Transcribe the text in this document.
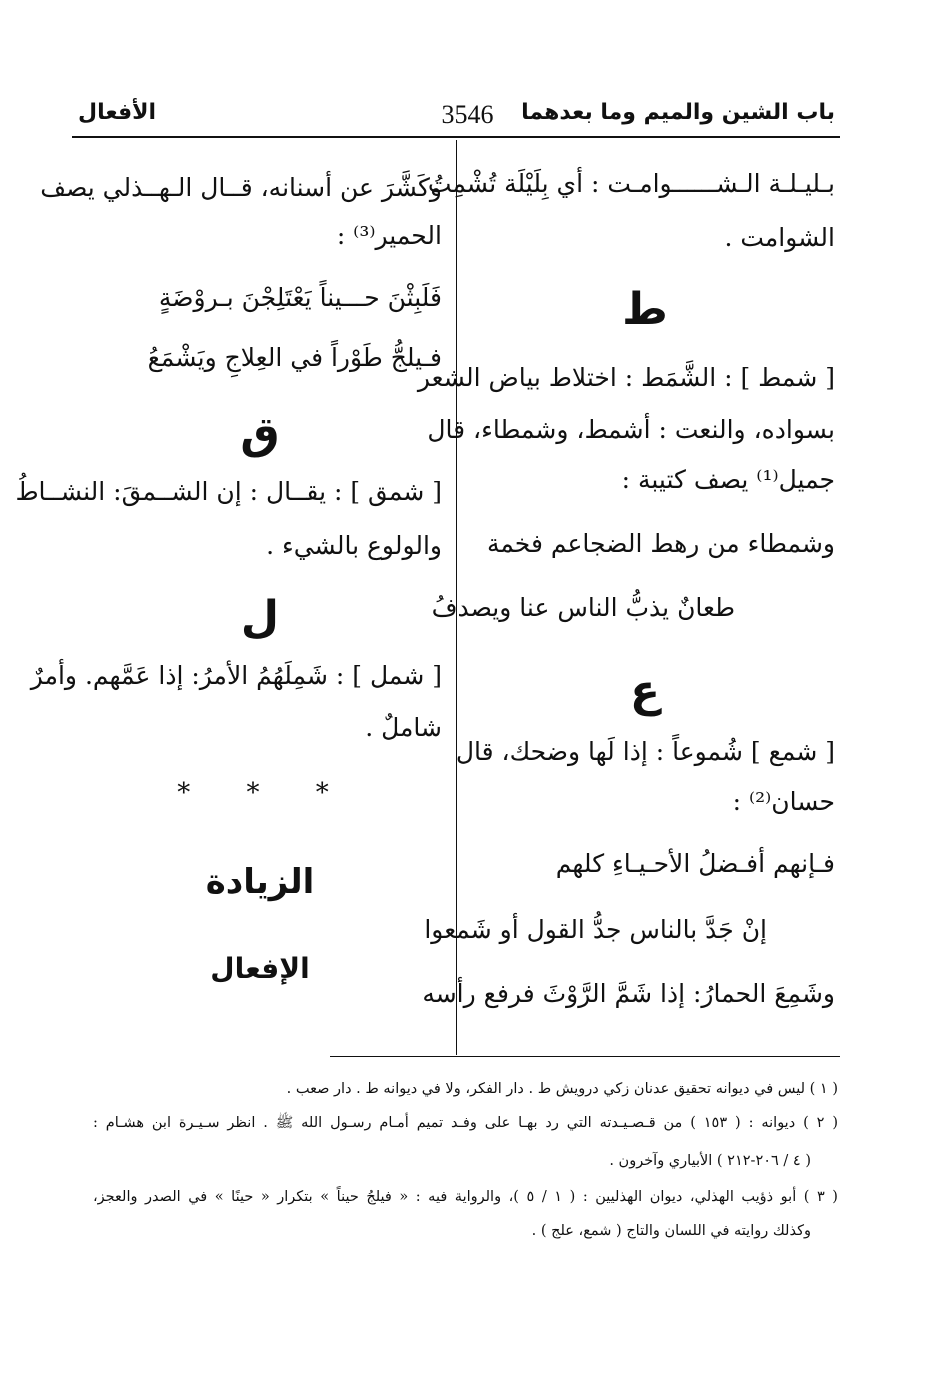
باب الشين والميم وما بعدهما
3546
الأفعال
بـليـلـة الـشــــــوامـت : أي بِلَيْلَة تُشْمِتُ
الشوامت .
ط
[ شمط ] : الشَّمَط : اختلاط بياض الشعر
بسواده، والنعت : أشمط، وشمطاء، قال
جميل⁽¹⁾ يصف كتيبة :
وشمطاء من رهط الضجاعم فخمة
طعانٌ يذبُّ الناس عنا ويصدفُ
ع
[ شمع ] شُموعاً : إذا لَها وضحك، قال
حسان⁽²⁾ :
فـإنهم أفـضلُ الأحـيـاءِ كلهم
إنْ جَدَّ بالناس جدُّ القول أو شَمعوا
وشَمِعَ الحمارُ: إذا شَمَّ الرَّوْثَ فرفع رأسه
وكَشَّرَ عن أسنانه، قــال الـهــذلي يصف
الحمير⁽³⁾ :
فَلَبِثْنَ حـــيناً يَعْتَلِجْنَ بـروْضَةٍ
فـيلجُّ طَوْراً في العِلاجِ ويَشْمَعُ
ق
[ شمق ] : يقــال : إن الشــمقَ: النشــاطُ
والولوع بالشيء .
ل
[ شمل ] : شَمِلَهُمُ الأمرُ: إذا عَمَّهم. وأمرٌ
شاملٌ .
* * *
الزيادة
الإفعال
( ١ ) ليس في ديوانه تحقيق عدنان زكي درويش ط . دار الفكر، ولا في ديوانه ط . دار صعب .
( ٢ ) ديوانه : ( ١٥٣ ) من قـصـيـدته التي رد بهـا على وفـد تميم أمـام رسـول الله ﷺ . انظر سـيـرة ابن هشـام :
( ٤ / ٢٠٦-٢١٢ ) الأبياري وآخرون .
( ٣ ) أبو ذؤيب الهذلي، ديوان الهذليين : ( ١ / ٥ )، والرواية فيه : « فيلجُ حيناً » بتكرار « حينًا » في الصدر والعجز،
وكذلك روايته في اللسان والتاج ( شمع، علج ) .
